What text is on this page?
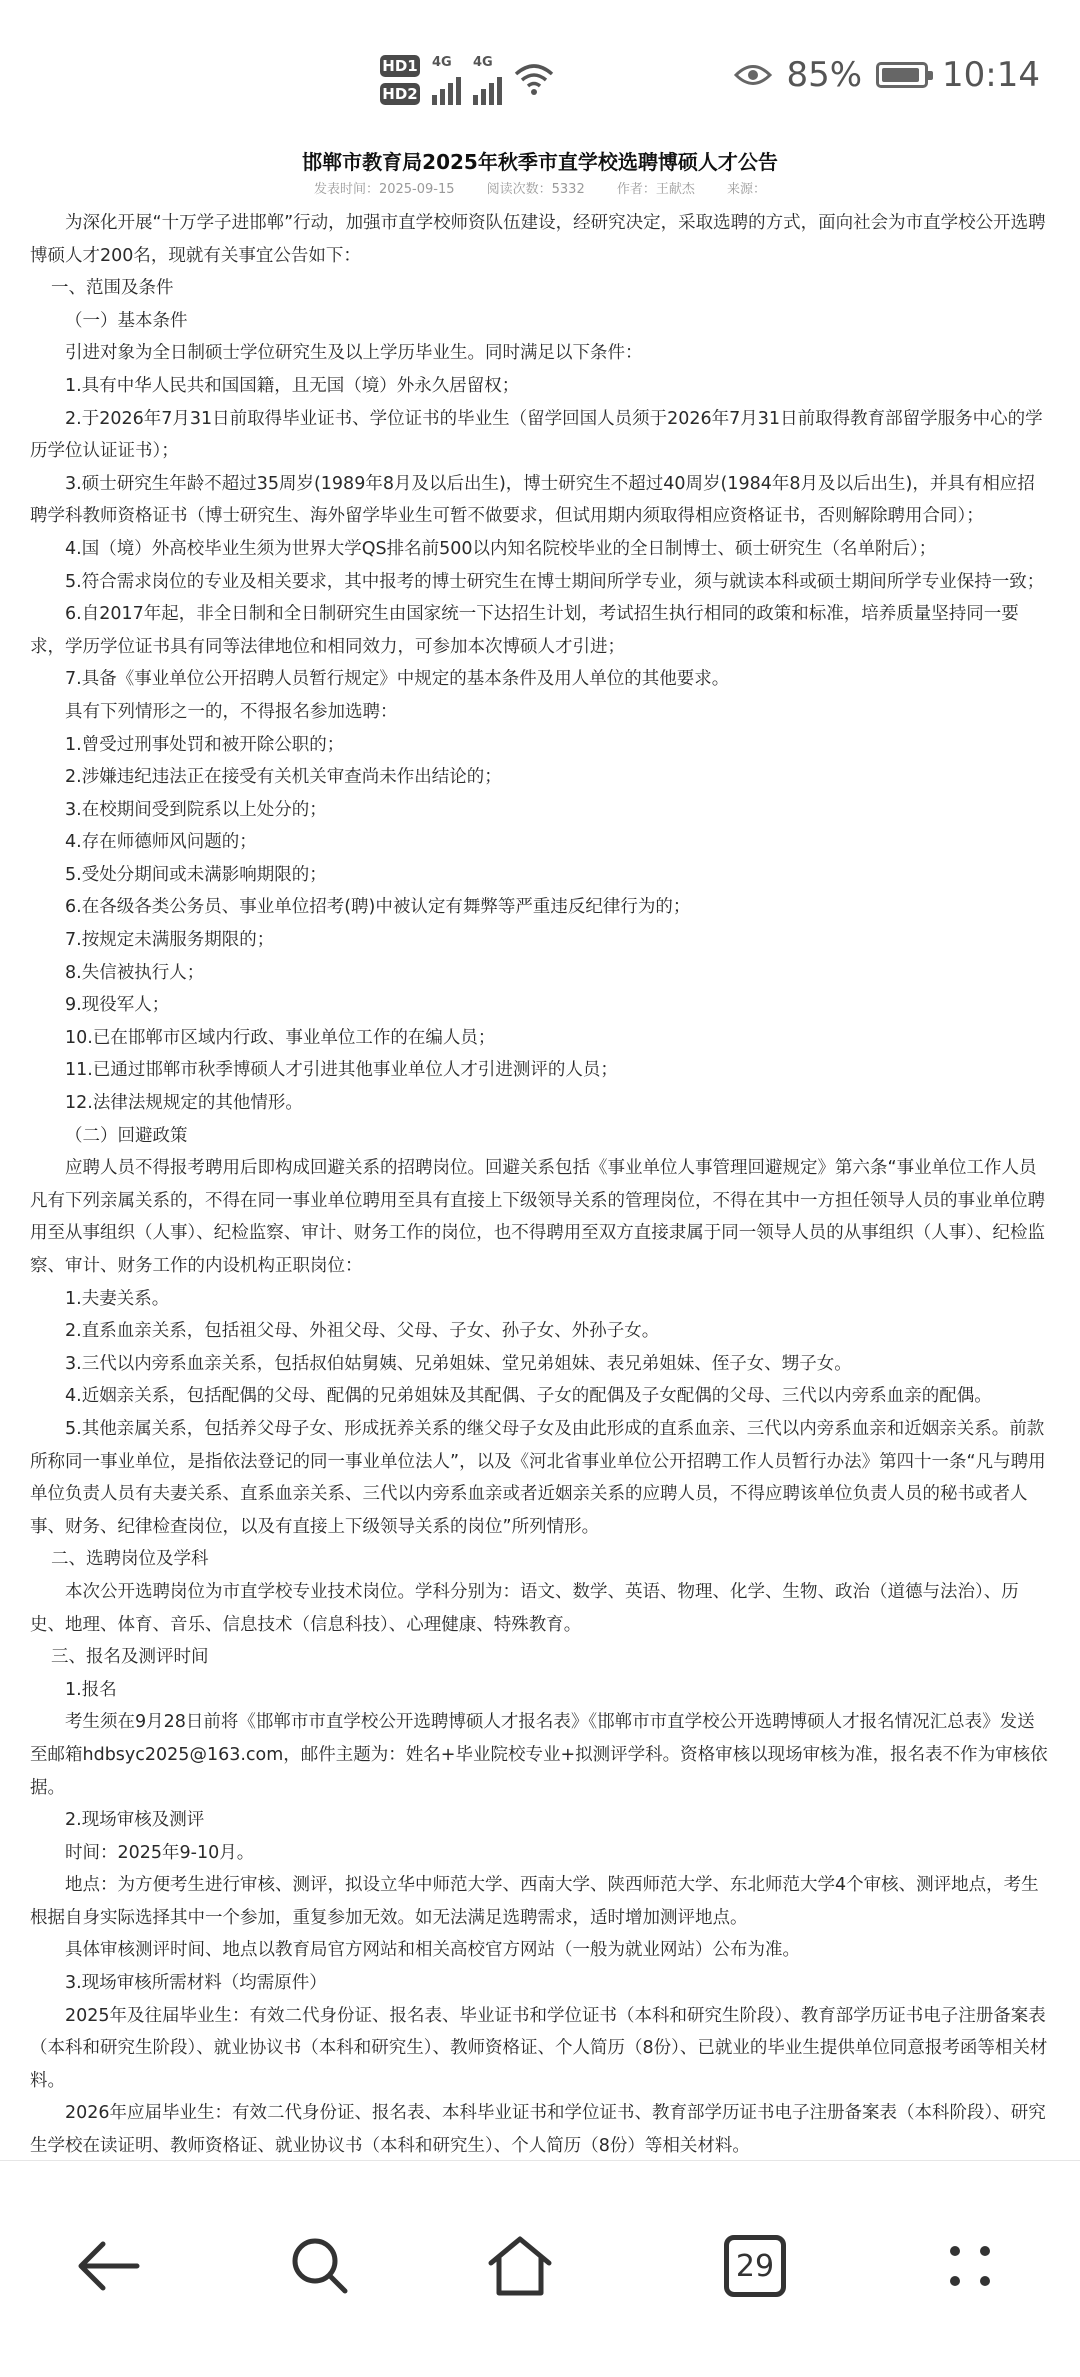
HD1
HD2
4G 4G	85% 10:14
邯郸市教育局2025年秋季市直学校选聘博硕人才公告
发表时间：2025-09-15 阅读次数：5332 作者：王献杰 来源：

为深化开展“十万学子进邯郸”行动，加强市直学校师资队伍建设，经研究决定，采取选聘的方式，面向社会为市直学校公开选聘博硕人才200名，现就有关事宜公告如下：

一、范围及条件

（一）基本条件

引进对象为全日制硕士学位研究生及以上学历毕业生。同时满足以下条件：

1.具有中华人民共和国国籍，且无国（境）外永久居留权；

2.于2026年7月31日前取得毕业证书、学位证书的毕业生（留学回国人员须于2026年7月31日前取得教育部留学服务中心的学历学位认证证书）；

3.硕士研究生年龄不超过35周岁(1989年8月及以后出生)，博士研究生不超过40周岁(1984年8月及以后出生)，并具有相应招聘学科教师资格证书（博士研究生、海外留学毕业生可暂不做要求，但试用期内须取得相应资格证书，否则解除聘用合同）；

4.国（境）外高校毕业生须为世界大学QS排名前500以内知名院校毕业的全日制博士、硕士研究生（名单附后）；

5.符合需求岗位的专业及相关要求，其中报考的博士研究生在博士期间所学专业，须与就读本科或硕士期间所学专业保持一致；

6.自2017年起，非全日制和全日制研究生由国家统一下达招生计划，考试招生执行相同的政策和标准，培养质量坚持同一要求，学历学位证书具有同等法律地位和相同效力，可参加本次博硕人才引进；

7.具备《事业单位公开招聘人员暂行规定》中规定的基本条件及用人单位的其他要求。

具有下列情形之一的，不得报名参加选聘：

1.曾受过刑事处罚和被开除公职的；

2.涉嫌违纪违法正在接受有关机关审查尚未作出结论的；

3.在校期间受到院系以上处分的；

4.存在师德师风问题的；

5.受处分期间或未满影响期限的；

6.在各级各类公务员、事业单位招考(聘)中被认定有舞弊等严重违反纪律行为的；

7.按规定未满服务期限的；

8.失信被执行人；

9.现役军人；

10.已在邯郸市区域内行政、事业单位工作的在编人员；

11.已通过邯郸市秋季博硕人才引进其他事业单位人才引进测评的人员；

12.法律法规规定的其他情形。

（二）回避政策

应聘人员不得报考聘用后即构成回避关系的招聘岗位。回避关系包括《事业单位人事管理回避规定》第六条“事业单位工作人员凡有下列亲属关系的，不得在同一事业单位聘用至具有直接上下级领导关系的管理岗位，不得在其中一方担任领导人员的事业单位聘用至从事组织（人事）、纪检监察、审计、财务工作的岗位，也不得聘用至双方直接隶属于同一领导人员的从事组织（人事）、纪检监察、审计、财务工作的内设机构正职岗位：

1.夫妻关系。

2.直系血亲关系，包括祖父母、外祖父母、父母、子女、孙子女、外孙子女。

3.三代以内旁系血亲关系，包括叔伯姑舅姨、兄弟姐妹、堂兄弟姐妹、表兄弟姐妹、侄子女、甥子女。

4.近姻亲关系，包括配偶的父母、配偶的兄弟姐妹及其配偶、子女的配偶及子女配偶的父母、三代以内旁系血亲的配偶。

5.其他亲属关系，包括养父母子女、形成抚养关系的继父母子女及由此形成的直系血亲、三代以内旁系血亲和近姻亲关系。前款所称同一事业单位，是指依法登记的同一事业单位法人”，以及《河北省事业单位公开招聘工作人员暂行办法》第四十一条“凡与聘用单位负责人员有夫妻关系、直系血亲关系、三代以内旁系血亲或者近姻亲关系的应聘人员，不得应聘该单位负责人员的秘书或者人事、财务、纪律检查岗位，以及有直接上下级领导关系的岗位”所列情形。

二、选聘岗位及学科

本次公开选聘岗位为市直学校专业技术岗位。学科分别为：语文、数学、英语、物理、化学、生物、政治（道德与法治）、历史、地理、体育、音乐、信息技术（信息科技）、心理健康、特殊教育。

三、报名及测评时间

1.报名

考生须在9月28日前将《邯郸市市直学校公开选聘博硕人才报名表》《邯郸市市直学校公开选聘博硕人才报名情况汇总表》发送至邮箱hdbsyc2025@163.com，邮件主题为：姓名+毕业院校专业+拟测评学科。资格审核以现场审核为准，报名表不作为审核依据。

2.现场审核及测评

时间：2025年9-10月。

地点：为方便考生进行审核、测评，拟设立华中师范大学、西南大学、陕西师范大学、东北师范大学4个审核、测评地点，考生根据自身实际选择其中一个参加，重复参加无效。如无法满足选聘需求，适时增加测评地点。

具体审核测评时间、地点以教育局官方网站和相关高校官方网站（一般为就业网站）公布为准。

3.现场审核所需材料（均需原件）

2025年及往届毕业生：有效二代身份证、报名表、毕业证书和学位证书（本科和研究生阶段）、教育部学历证书电子注册备案表（本科和研究生阶段）、就业协议书（本科和研究生）、教师资格证、个人简历（8份）、已就业的毕业生提供单位同意报考函等相关材料。

2026年应届毕业生：有效二代身份证、报名表、本科毕业证书和学位证书、教育部学历证书电子注册备案表（本科阶段）、研究生学校在读证明、教师资格证、就业协议书（本科和研究生）、个人简历（8份）等相关材料。

29
